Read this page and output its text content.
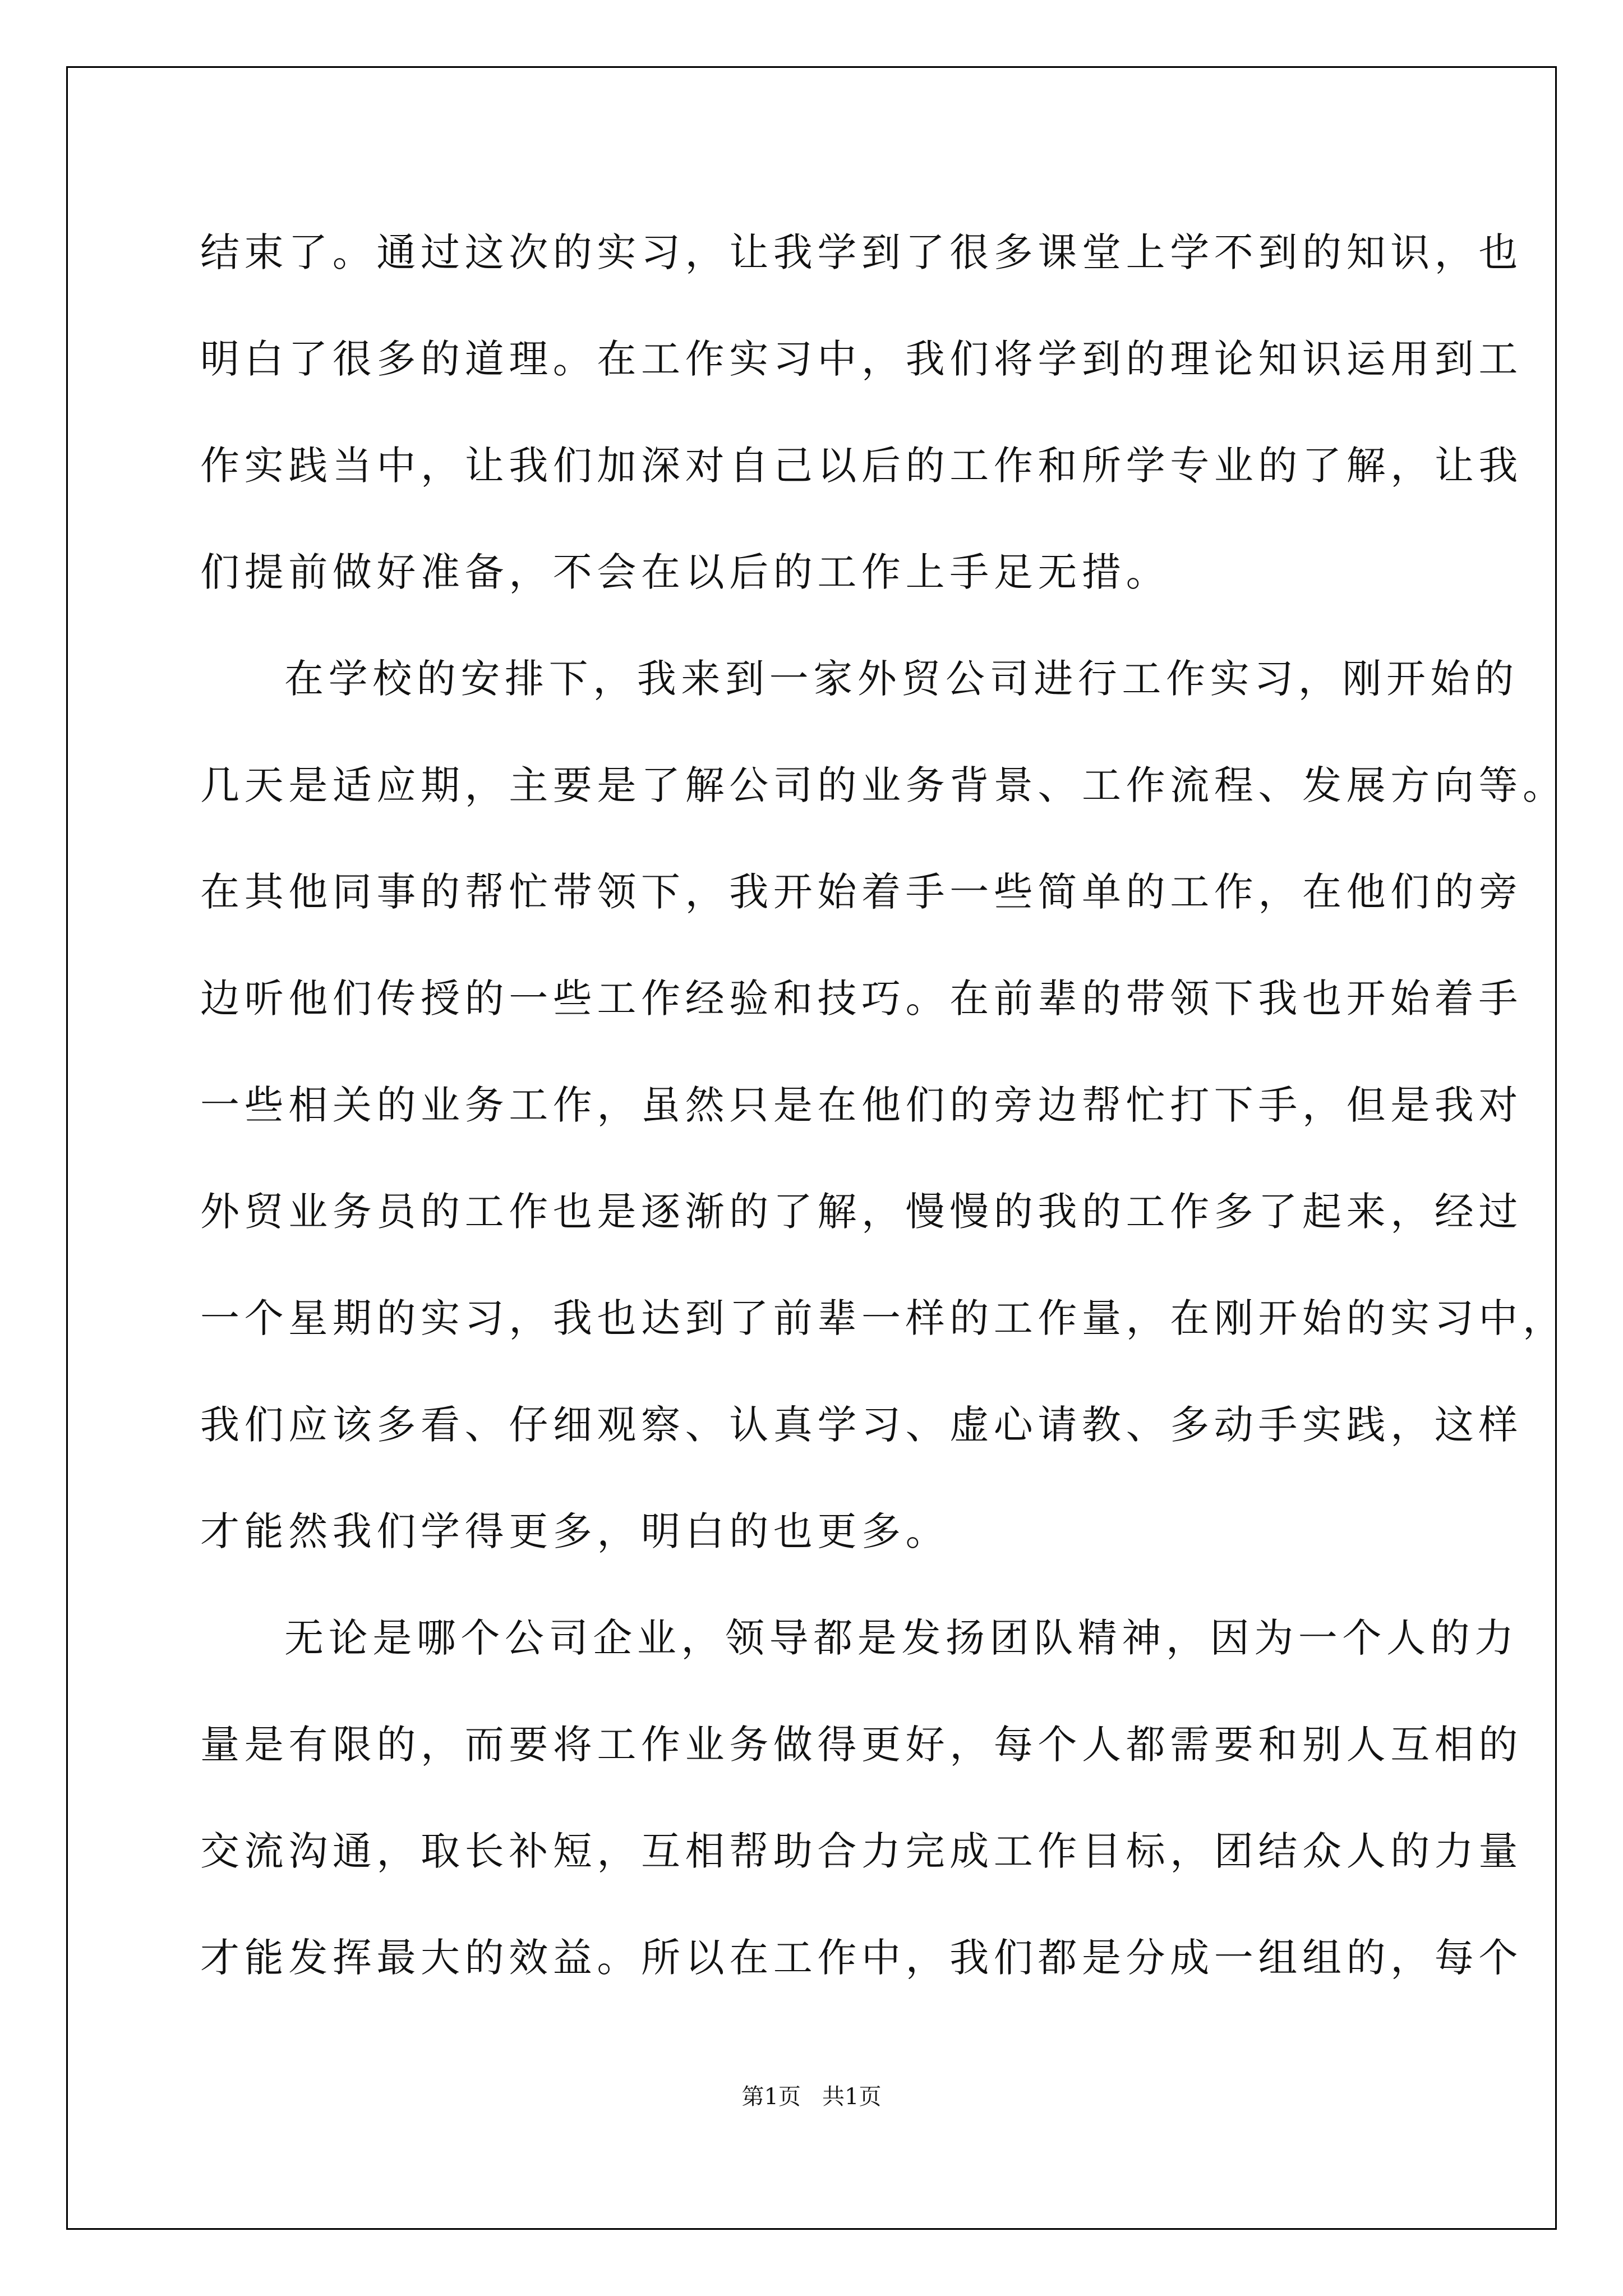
结束了。通过这次的实习，让我学到了很多课堂上学不到的知识，也
明白了很多的道理。在工作实习中，我们将学到的理论知识运用到工
作实践当中，让我们加深对自己以后的工作和所学专业的了解，让我
们提前做好准备，不会在以后的工作上手足无措。
在学校的安排下，我来到一家外贸公司进行工作实习，刚开始的
几天是适应期，主要是了解公司的业务背景、工作流程、发展方向等。
在其他同事的帮忙带领下，我开始着手一些简单的工作，在他们的旁
边听他们传授的一些工作经验和技巧。在前辈的带领下我也开始着手
一些相关的业务工作，虽然只是在他们的旁边帮忙打下手，但是我对
外贸业务员的工作也是逐渐的了解，慢慢的我的工作多了起来，经过
一个星期的实习，我也达到了前辈一样的工作量，在刚开始的实习中，
我们应该多看、仔细观察、认真学习、虚心请教、多动手实践，这样
才能然我们学得更多，明白的也更多。
无论是哪个公司企业，领导都是发扬团队精神，因为一个人的力
量是有限的，而要将工作业务做得更好，每个人都需要和别人互相的
交流沟通，取长补短，互相帮助合力完成工作目标，团结众人的力量
才能发挥最大的效益。所以在工作中，我们都是分成一组组的，每个
第1页   共1页
